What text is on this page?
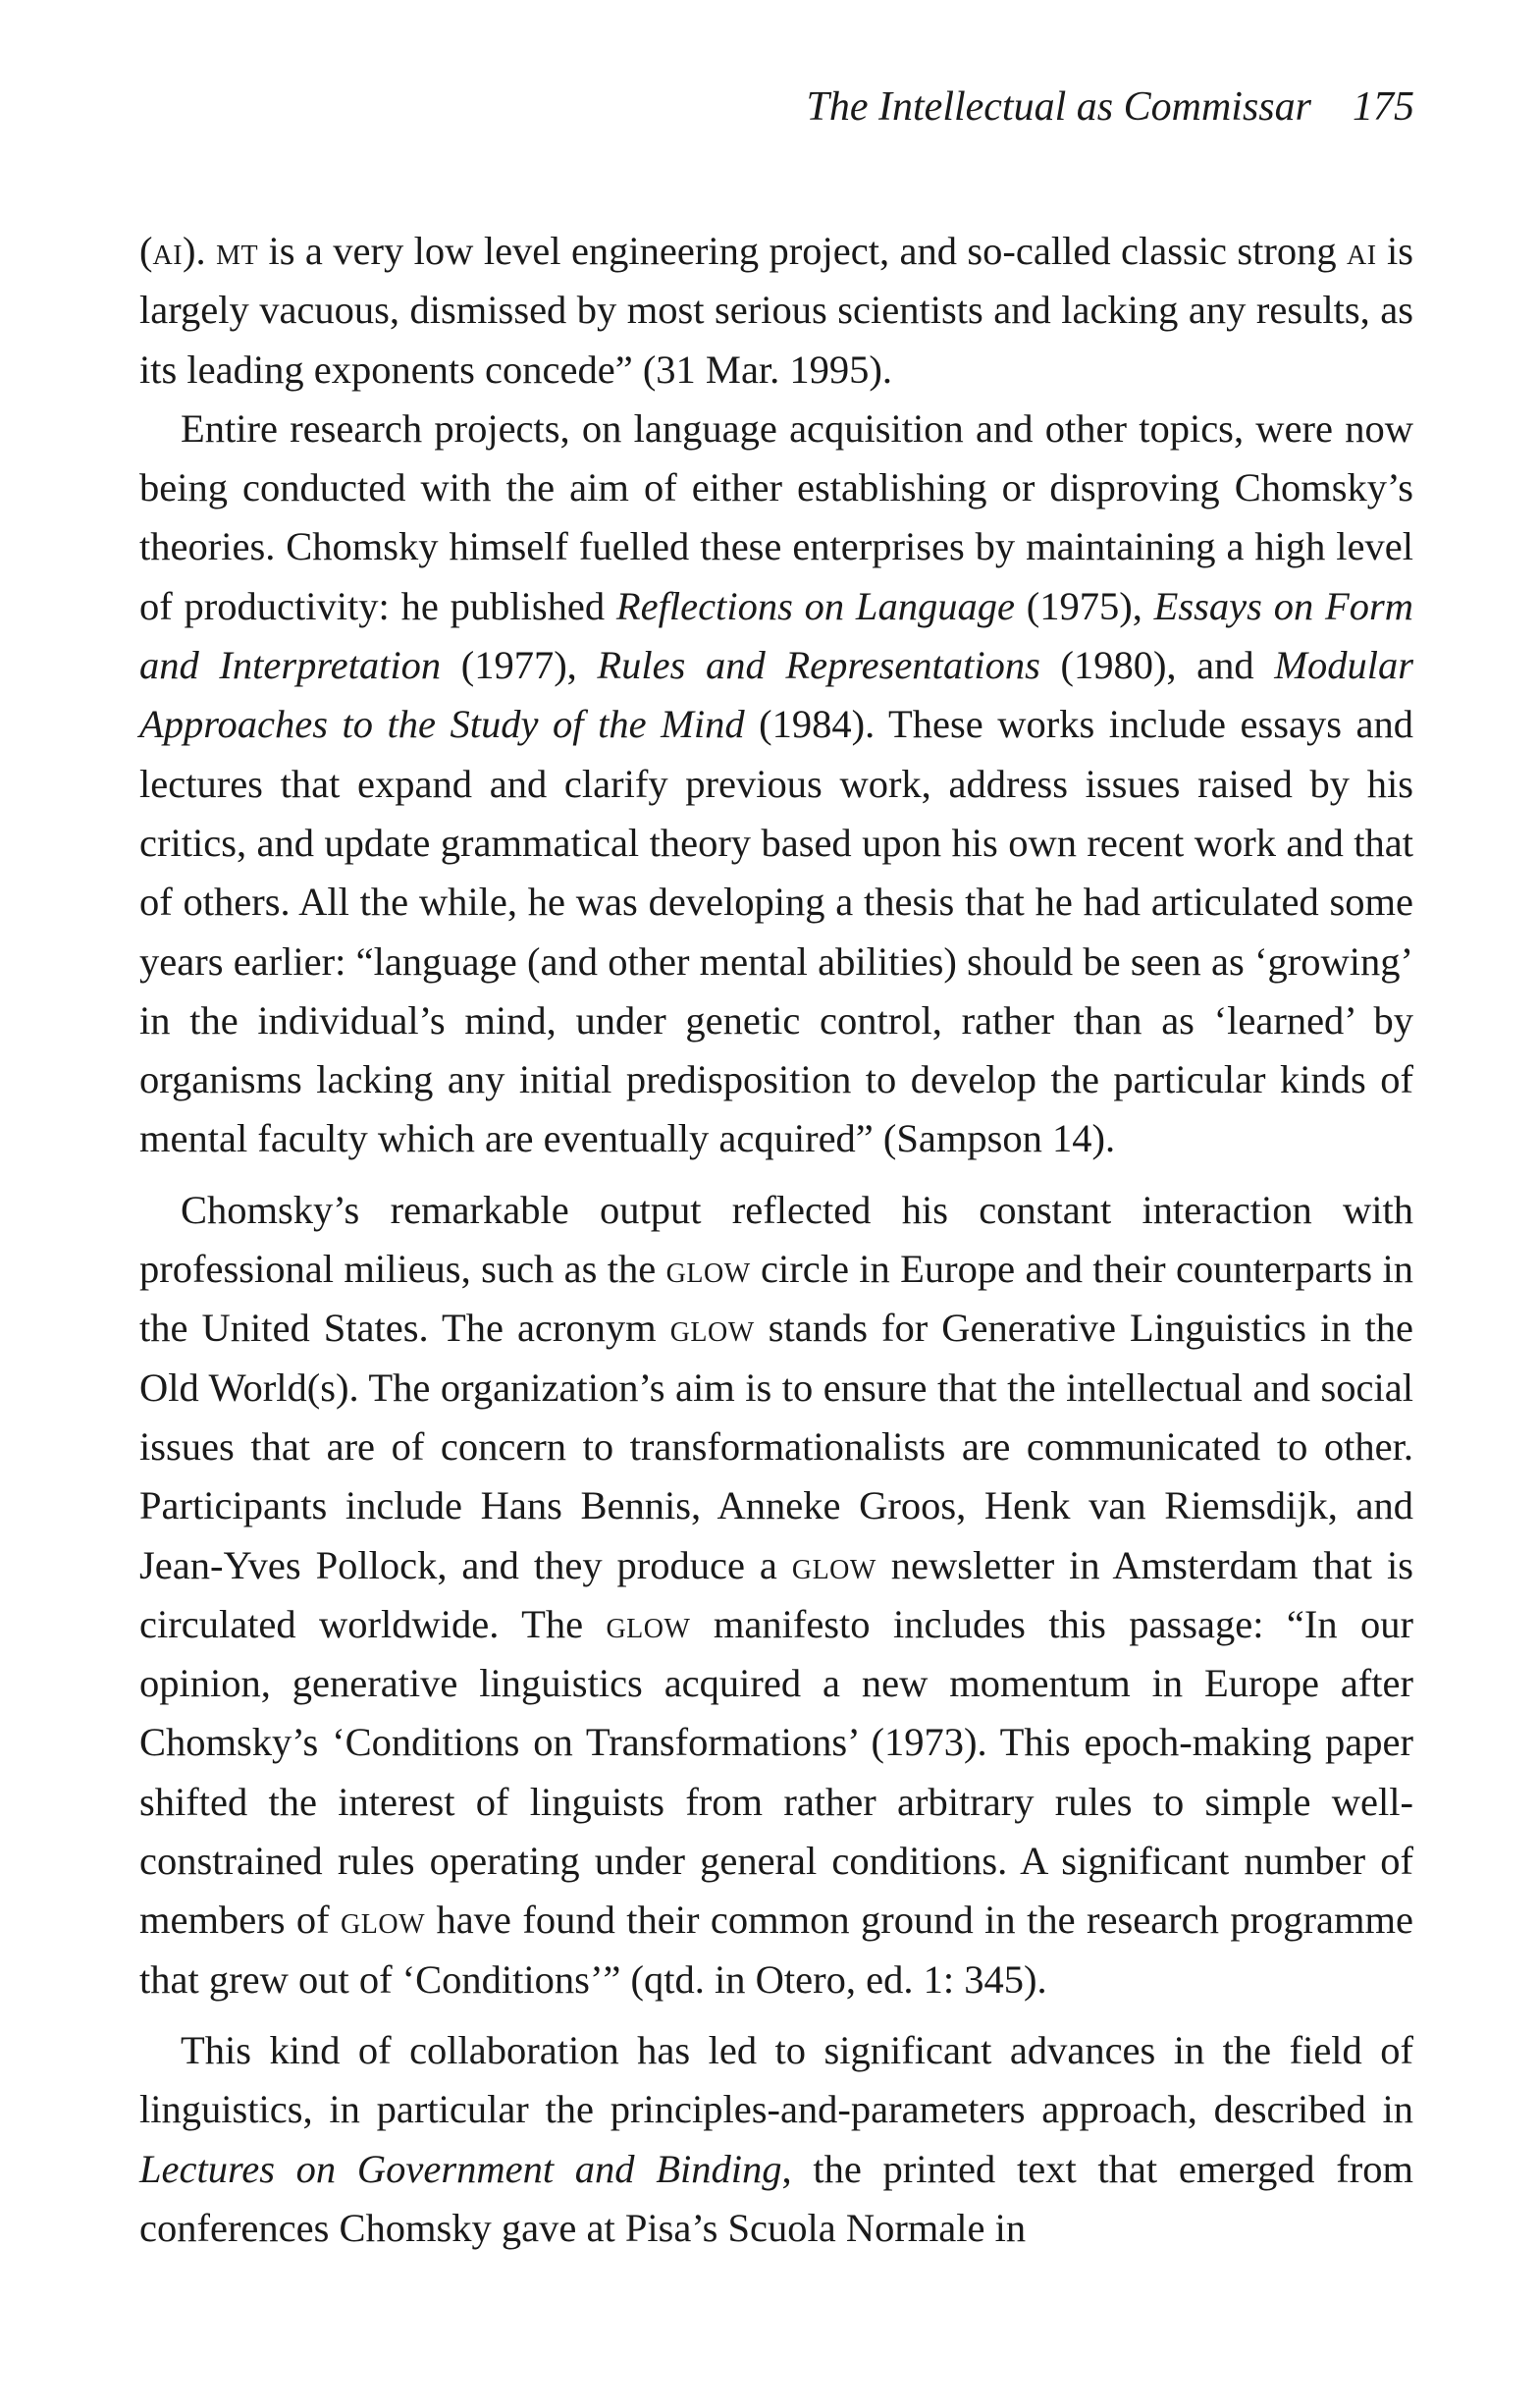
The Intellectual as Commissar 175

(ai). mt is a very low level engineering project, and so-called classic strong ai is largely vacuous, dismissed by most serious scientists and lacking any results, as its leading exponents concede” (31 Mar. 1995).

Entire research projects, on language acquisition and other topics, were now being conducted with the aim of either establishing or disproving Chomsky’s theories. Chomsky himself fuelled these enterprises by maintaining a high level of productivity: he published Reflections on Language (1975), Essays on Form and Interpretation (1977), Rules and Representations (1980), and Modular Approaches to the Study of the Mind (1984). These works include essays and lectures that expand and clarify previous work, address issues raised by his critics, and update grammatical theory based upon his own recent work and that of others. All the while, he was developing a thesis that he had articulated some years earlier: “language (and other mental abilities) should be seen as ‘growing’ in the individual’s mind, under genetic control, rather than as ‘learned’ by organisms lacking any initial predisposition to develop the particular kinds of mental faculty which are eventually acquired” (Sampson 14).

Chomsky’s remarkable output reflected his constant interaction with professional milieus, such as the glow circle in Europe and their counterparts in the United States. The acronym glow stands for Generative Linguistics in the Old World(s). The organization’s aim is to ensure that the intellectual and social issues that are of concern to transformationalists are communicated to other. Participants include Hans Bennis, Anneke Groos, Henk van Riemsdijk, and Jean-Yves Pollock, and they produce a glow newsletter in Amsterdam that is circulated worldwide. The glow manifesto includes this passage: “In our opinion, generative linguistics acquired a new momentum in Europe after Chomsky’s ‘Conditions on Transformations’ (1973). This epoch-making paper shifted the interest of linguists from rather arbitrary rules to simple well-constrained rules operating under general conditions. A significant number of members of glow have found their common ground in the research programme that grew out of ‘Conditions’” (qtd. in Otero, ed. 1: 345).

This kind of collaboration has led to significant advances in the field of linguistics, in particular the principles-and-parameters approach, described in Lectures on Government and Binding, the printed text that emerged from conferences Chomsky gave at Pisa’s Scuola Normale in
